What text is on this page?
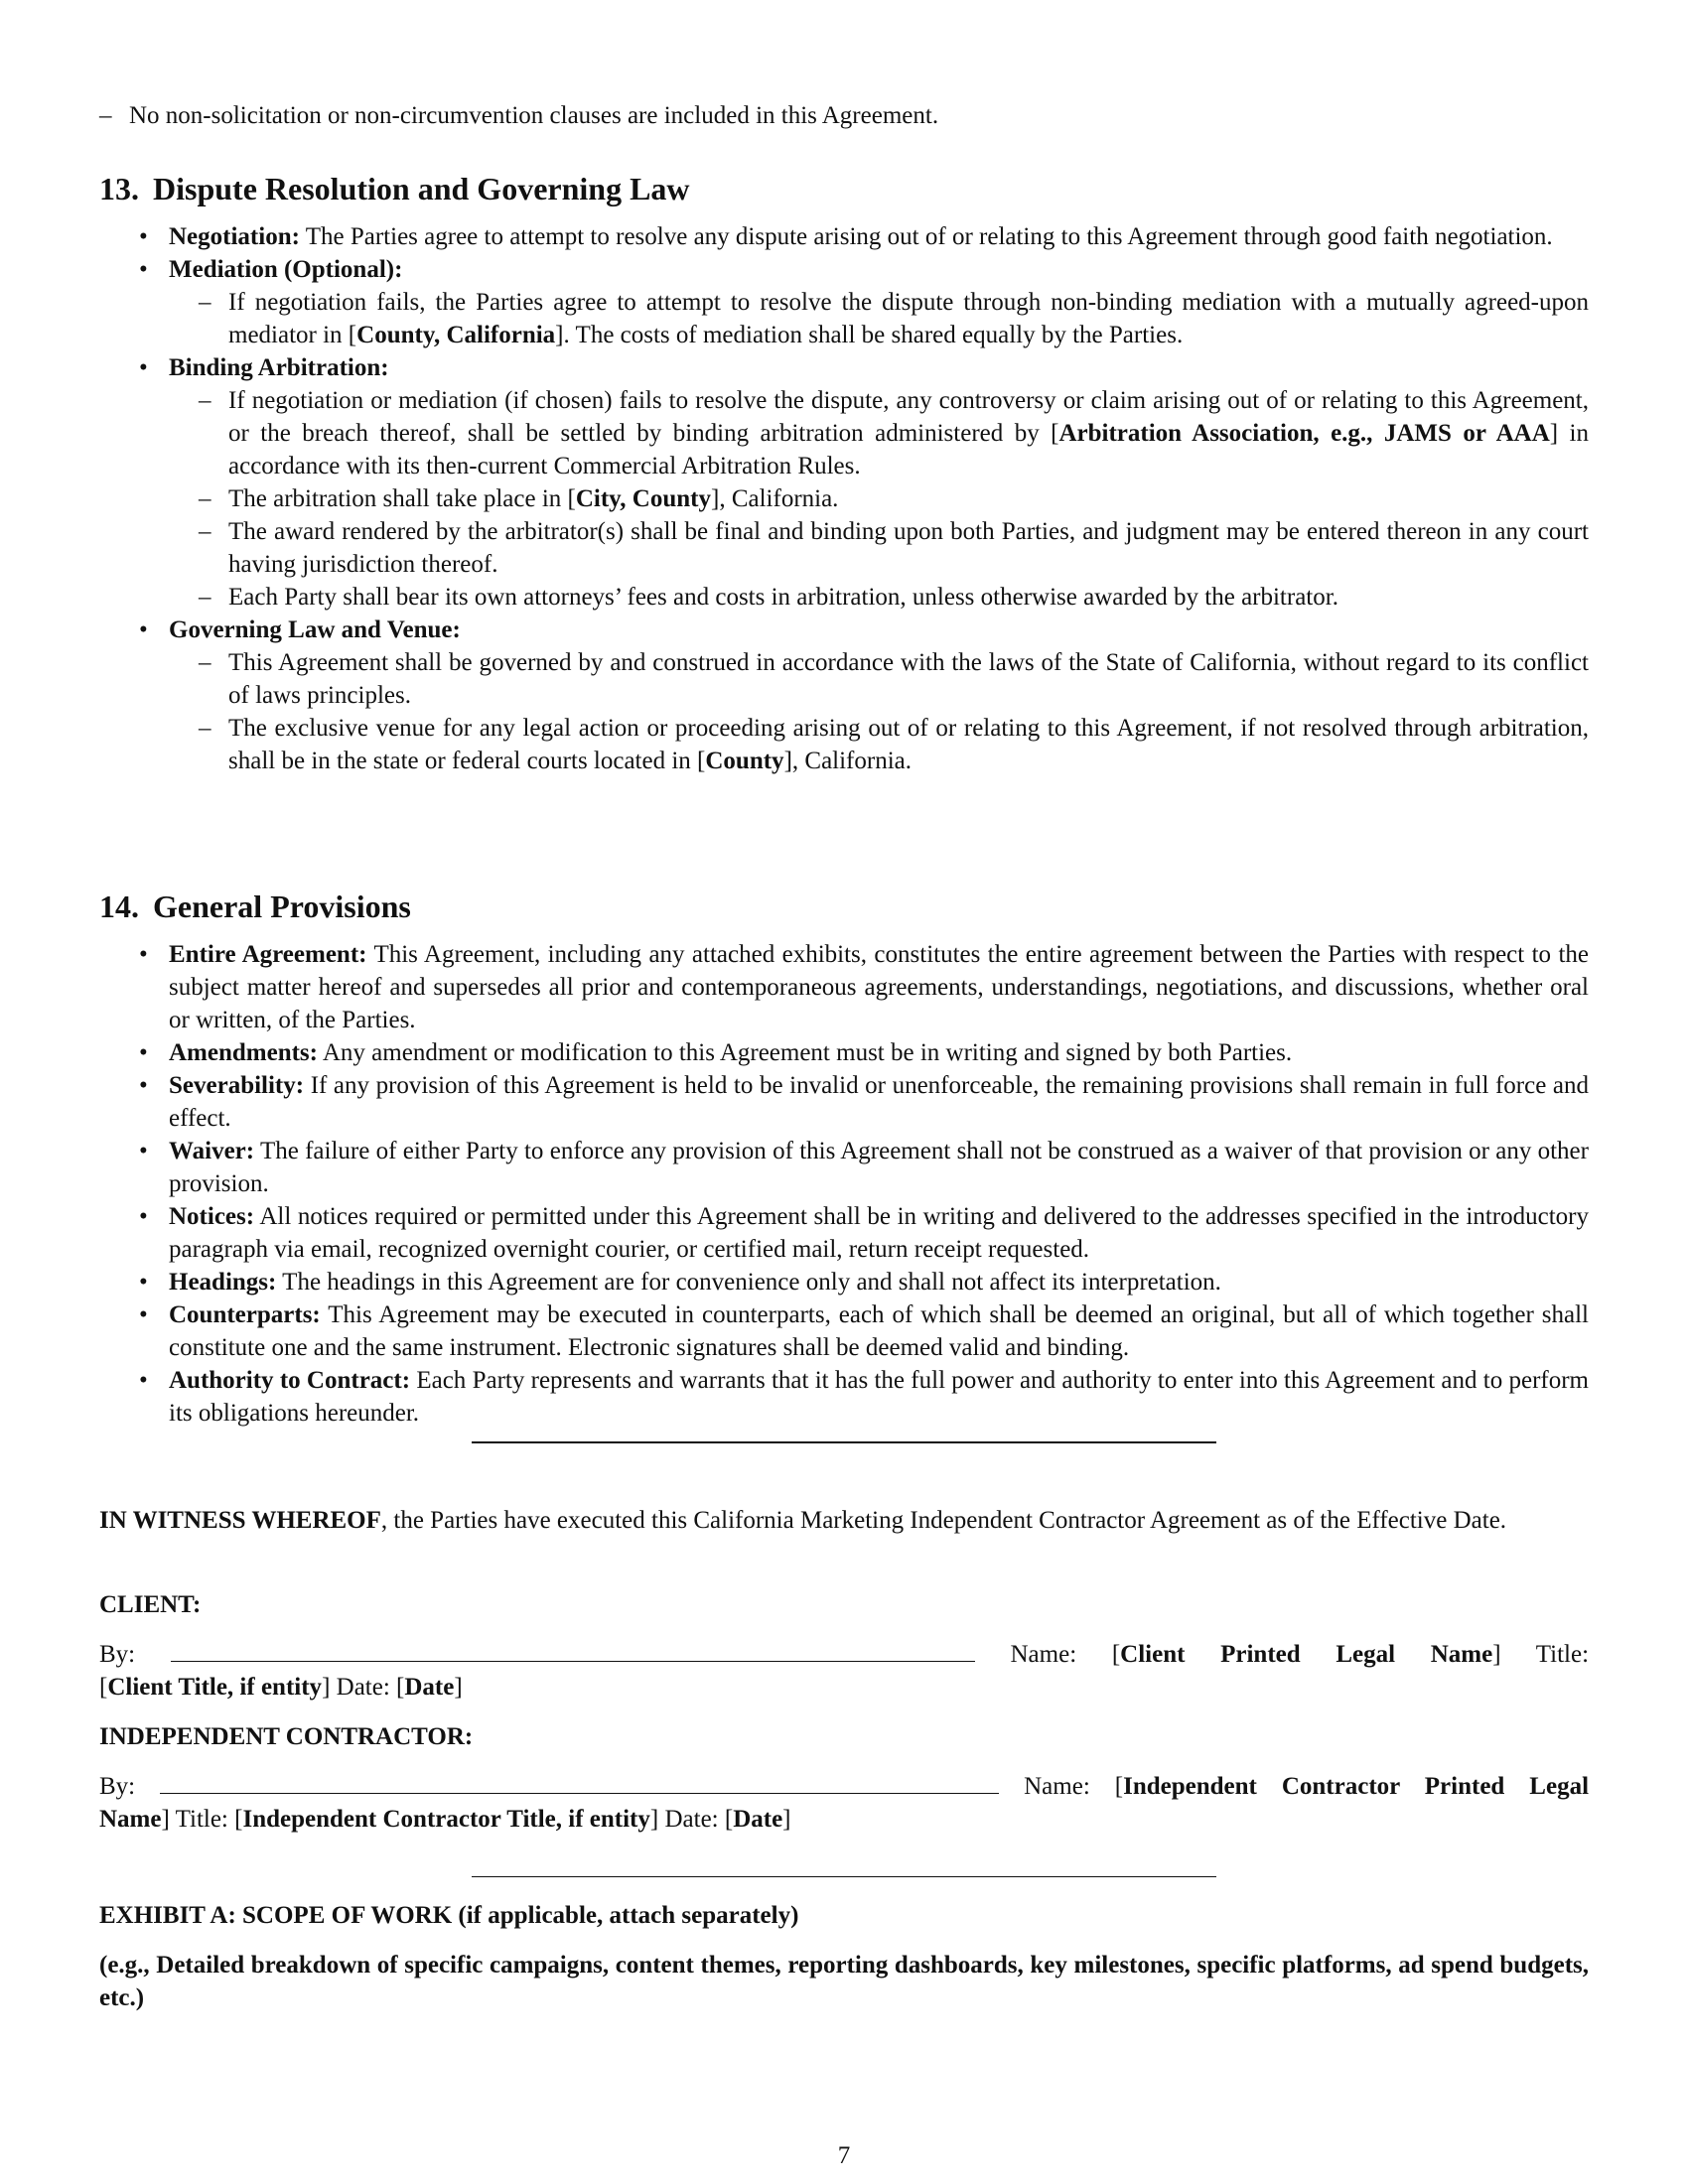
– No non-solicitation or non-circumvention clauses are included in this Agreement.
13. Dispute Resolution and Governing Law
• Negotiation: The Parties agree to attempt to resolve any dispute arising out of or relating to this Agreement through good faith negotiation.
• Mediation (Optional):
– If negotiation fails, the Parties agree to attempt to resolve the dispute through non-binding mediation with a mutually agreed-upon mediator in [County, California]. The costs of mediation shall be shared equally by the Parties.
• Binding Arbitration:
– If negotiation or mediation (if chosen) fails to resolve the dispute, any controversy or claim arising out of or relating to this Agreement, or the breach thereof, shall be settled by binding arbitration administered by [Arbitration Association, e.g., JAMS or AAA] in accordance with its then-current Commercial Arbitration Rules.
– The arbitration shall take place in [City, County], California.
– The award rendered by the arbitrator(s) shall be final and binding upon both Parties, and judgment may be entered thereon in any court having jurisdiction thereof.
– Each Party shall bear its own attorneys’ fees and costs in arbitration, unless otherwise awarded by the arbitrator.
• Governing Law and Venue:
– This Agreement shall be governed by and construed in accordance with the laws of the State of California, without regard to its conflict of laws principles.
– The exclusive venue for any legal action or proceeding arising out of or relating to this Agreement, if not resolved through arbitration, shall be in the state or federal courts located in [County], California.
14. General Provisions
• Entire Agreement: This Agreement, including any attached exhibits, constitutes the entire agreement between the Parties with respect to the subject matter hereof and supersedes all prior and contemporaneous agreements, understandings, negotiations, and discussions, whether oral or written, of the Parties.
• Amendments: Any amendment or modification to this Agreement must be in writing and signed by both Parties.
• Severability: If any provision of this Agreement is held to be invalid or unenforceable, the remaining provisions shall remain in full force and effect.
• Waiver: The failure of either Party to enforce any provision of this Agreement shall not be construed as a waiver of that provision or any other provision.
• Notices: All notices required or permitted under this Agreement shall be in writing and delivered to the addresses specified in the introductory paragraph via email, recognized overnight courier, or certified mail, return receipt requested.
• Headings: The headings in this Agreement are for convenience only and shall not affect its interpretation.
• Counterparts: This Agreement may be executed in counterparts, each of which shall be deemed an original, but all of which together shall constitute one and the same instrument. Electronic signatures shall be deemed valid and binding.
• Authority to Contract: Each Party represents and warrants that it has the full power and authority to enter into this Agreement and to perform its obligations hereunder.
IN WITNESS WHEREOF, the Parties have executed this California Marketing Independent Contractor Agreement as of the Effective Date.
CLIENT:
By:	Name: [Client Printed Legal Name] Title:
[Client Title, if entity] Date: [Date]
INDEPENDENT CONTRACTOR:
By:	Name: [Independent Contractor Printed Legal
Name] Title: [Independent Contractor Title, if entity] Date: [Date]
EXHIBIT A: SCOPE OF WORK (if applicable, attach separately)
(e.g., Detailed breakdown of specific campaigns, content themes, reporting dashboards, key milestones, specific platforms, ad spend budgets, etc.)
7
